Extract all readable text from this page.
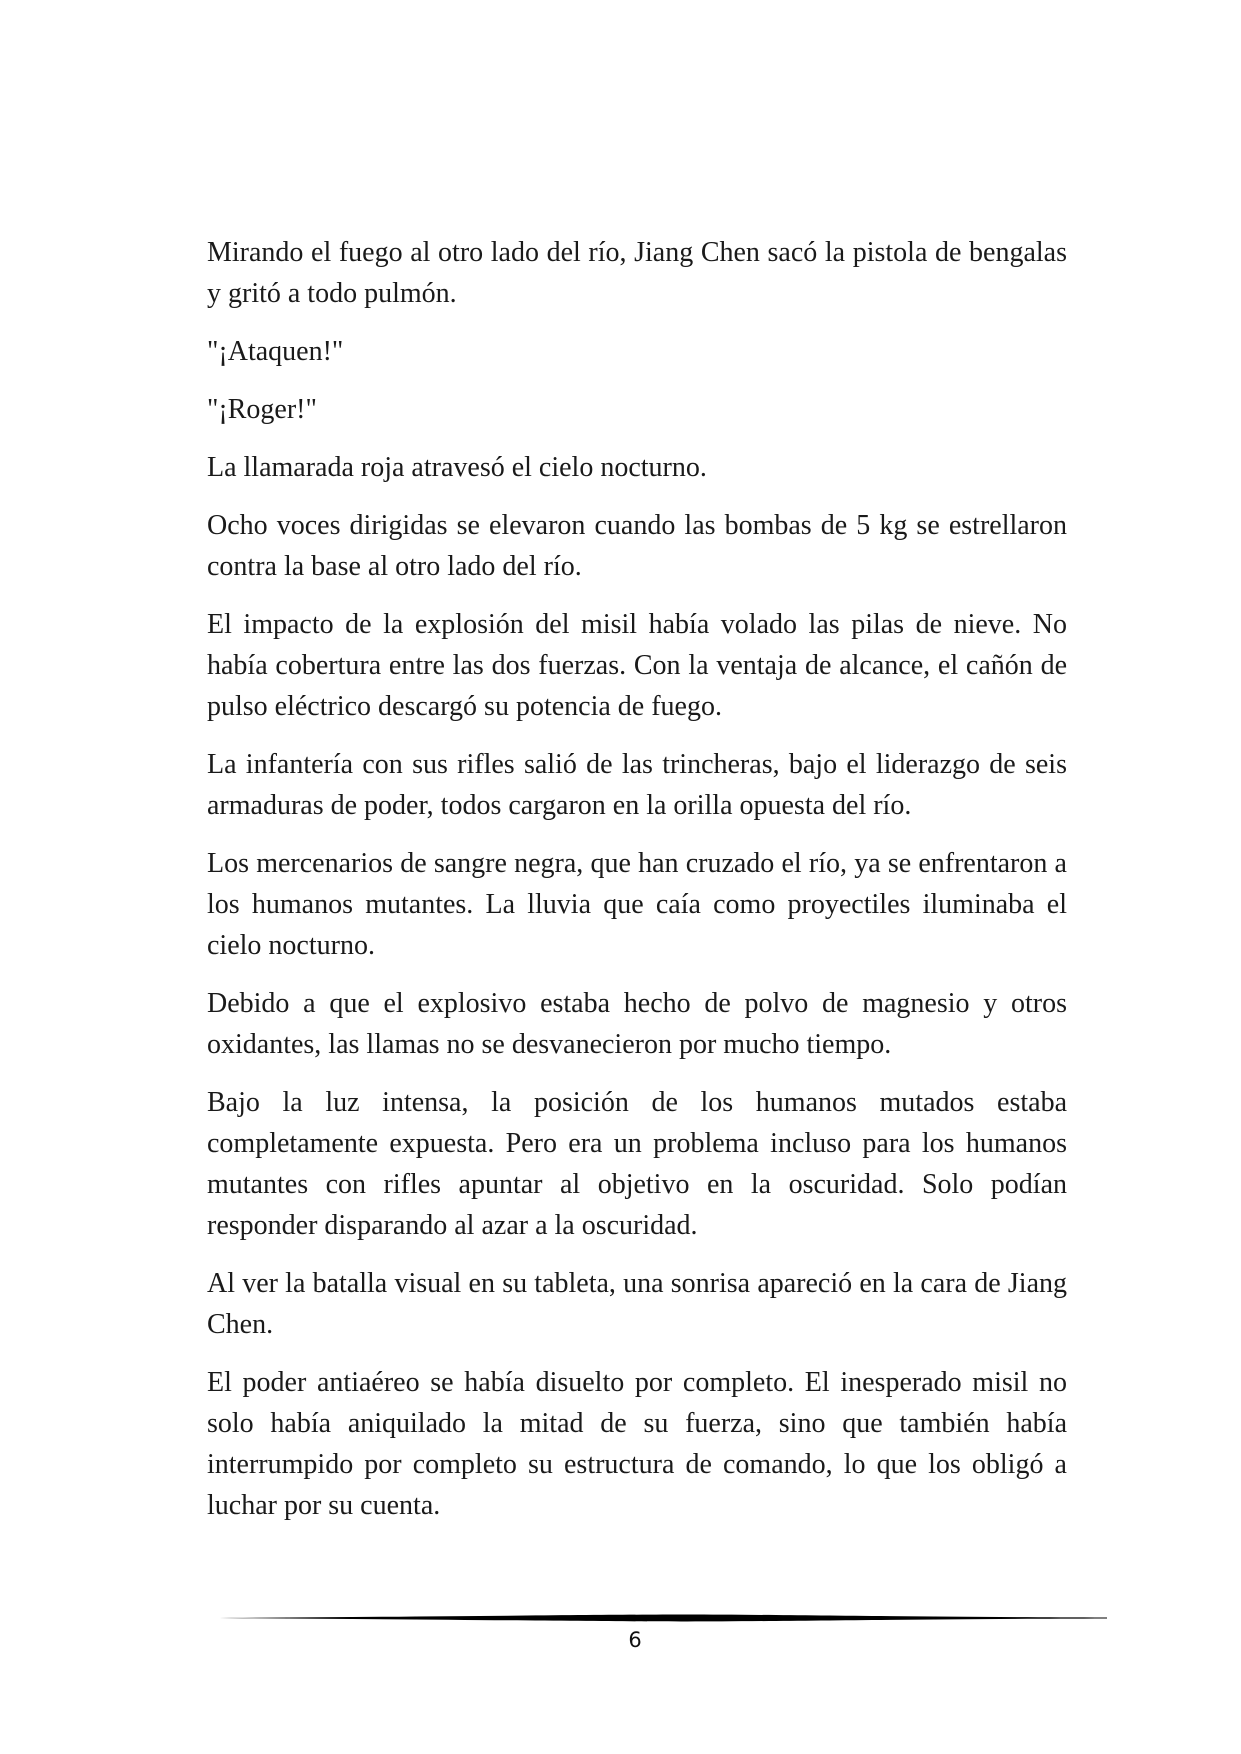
Mirando el fuego al otro lado del río, Jiang Chen sacó la pistola de bengalas y gritó a todo pulmón.

"¡Ataquen!"

"¡Roger!"

La llamarada roja atravesó el cielo nocturno.

Ocho voces dirigidas se elevaron cuando las bombas de 5 kg se estrellaron contra la base al otro lado del río.

El impacto de la explosión del misil había volado las pilas de nieve. No había cobertura entre las dos fuerzas. Con la ventaja de alcance, el cañón de pulso eléctrico descargó su potencia de fuego.

La infantería con sus rifles salió de las trincheras, bajo el liderazgo de seis armaduras de poder, todos cargaron en la orilla opuesta del río.

Los mercenarios de sangre negra, que han cruzado el río, ya se enfrentaron a los humanos mutantes. La lluvia que caía como proyectiles iluminaba el cielo nocturno.

Debido a que el explosivo estaba hecho de polvo de magnesio y otros oxidantes, las llamas no se desvanecieron por mucho tiempo.

Bajo la luz intensa, la posición de los humanos mutados estaba completamente expuesta. Pero era un problema incluso para los humanos mutantes con rifles apuntar al objetivo en la oscuridad. Solo podían responder disparando al azar a la oscuridad.

Al ver la batalla visual en su tableta, una sonrisa apareció en la cara de Jiang Chen.

El poder antiaéreo se había disuelto por completo. El inesperado misil no solo había aniquilado la mitad de su fuerza, sino que también había interrumpido por completo su estructura de comando, lo que los obligó a luchar por su cuenta.

6
